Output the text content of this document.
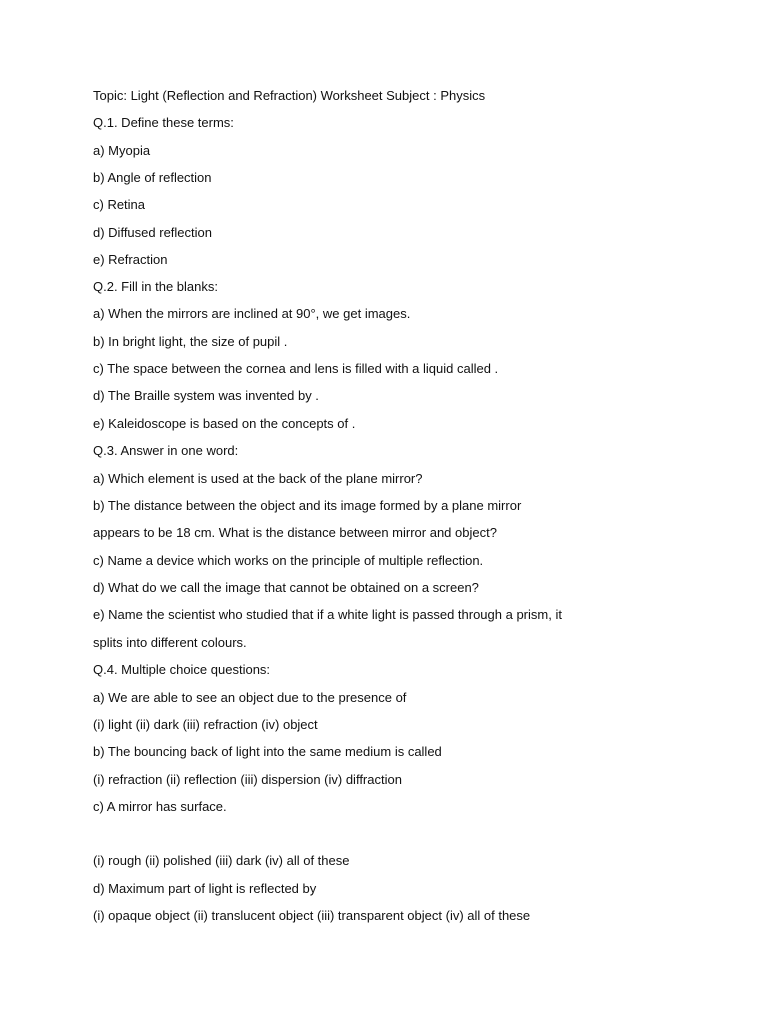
Topic: Light (Reflection and Refraction) Worksheet Subject : Physics
Q.1. Define these terms:
a) Myopia
b) Angle of reflection
c) Retina
d) Diffused reflection
e) Refraction
Q.2. Fill in the blanks:
a) When the mirrors are inclined at 90°, we get images.
b) In bright light, the size of pupil .
c) The space between the cornea and lens is filled with a liquid called .
d) The Braille system was invented by .
e) Kaleidoscope is based on the concepts of .
Q.3. Answer in one word:
a) Which element is used at the back of the plane mirror?
b) The distance between the object and its image formed by a plane mirror
appears to be 18 cm. What is the distance between mirror and object?
c) Name a device which works on the principle of multiple reflection.
d) What do we call the image that cannot be obtained on a screen?
e) Name the scientist who studied that if a white light is passed through a prism, it
splits into different colours.
Q.4. Multiple choice questions:
a) We are able to see an object due to the presence of
(i) light (ii) dark (iii) refraction (iv) object
b) The bouncing back of light into the same medium is called
(i) refraction (ii) reflection (iii) dispersion (iv) diffraction
c) A mirror has surface.
(i) rough (ii) polished (iii) dark (iv) all of these
d) Maximum part of light is reflected by
(i) opaque object (ii) translucent object (iii) transparent object (iv) all of these
